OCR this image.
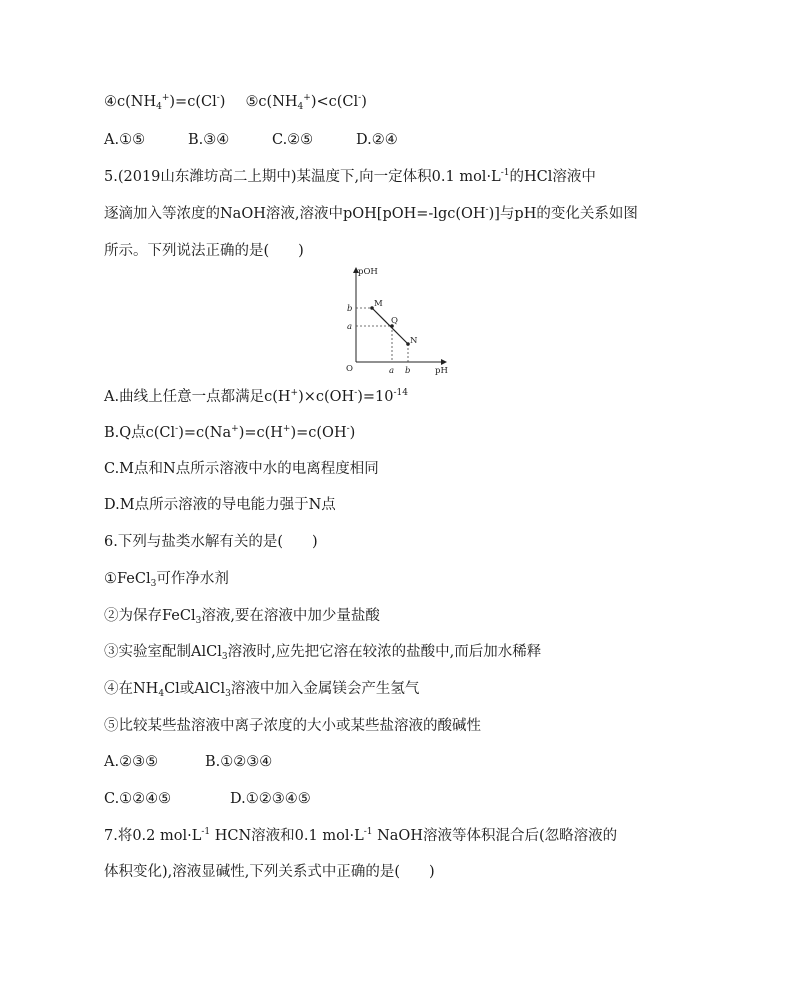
$④c(NH_4^+)=c(Cl^-)$ $⑤c(NH_4^+)<c(Cl^-)$
A.①⑤	B.③④	C.②⑤	D.②④
5.(2019山东潍坊高二上期中)某温度下,向一定体积0.1 $mol\cdot L^{-1}$的HCl溶液中
逐滴加入等浓度的NaOH溶液,溶液中pOH[pOH=-lgc(OH-)]与pH的变化关系如图
所示。下列说法正确的是(　　)
pOH
pH
O
M
Q
N
b
a
a b
A.曲线上任意一点都满足$c(H^+)\times c(OH^-)=10^{-14}$
B.Q点c(Cl-)=c(Na+)=c(H+)=c(OH-)
C.M点和N点所示溶液中水的电离程度相同
D.M点所示溶液的导电能力强于N点
6.下列与盐类水解有关的是(　　)
①FeCl$_3$可作净水剂
②为保存FeCl$_3$溶液,要在溶液中加少量盐酸
③实验室配制AlCl$_3$溶液时,应先把它溶在较浓的盐酸中,而后加水稀释
④在$NH_4Cl$或AlCl$_3$溶液中加入金属镁会产生氢气
⑤比较某些盐溶液中离子浓度的大小或某些盐溶液的酸碱性
A.②③⑤	B.①②③④
C.①②④⑤	D.①②③④⑤
7.将0.2 $mol\cdot L^{-1}$ HCN溶液和0.1 $mol\cdot L^{-1}$ NaOH溶液等体积混合后(忽略溶液的
体积变化),溶液显碱性,下列关系式中正确的是(　　)
